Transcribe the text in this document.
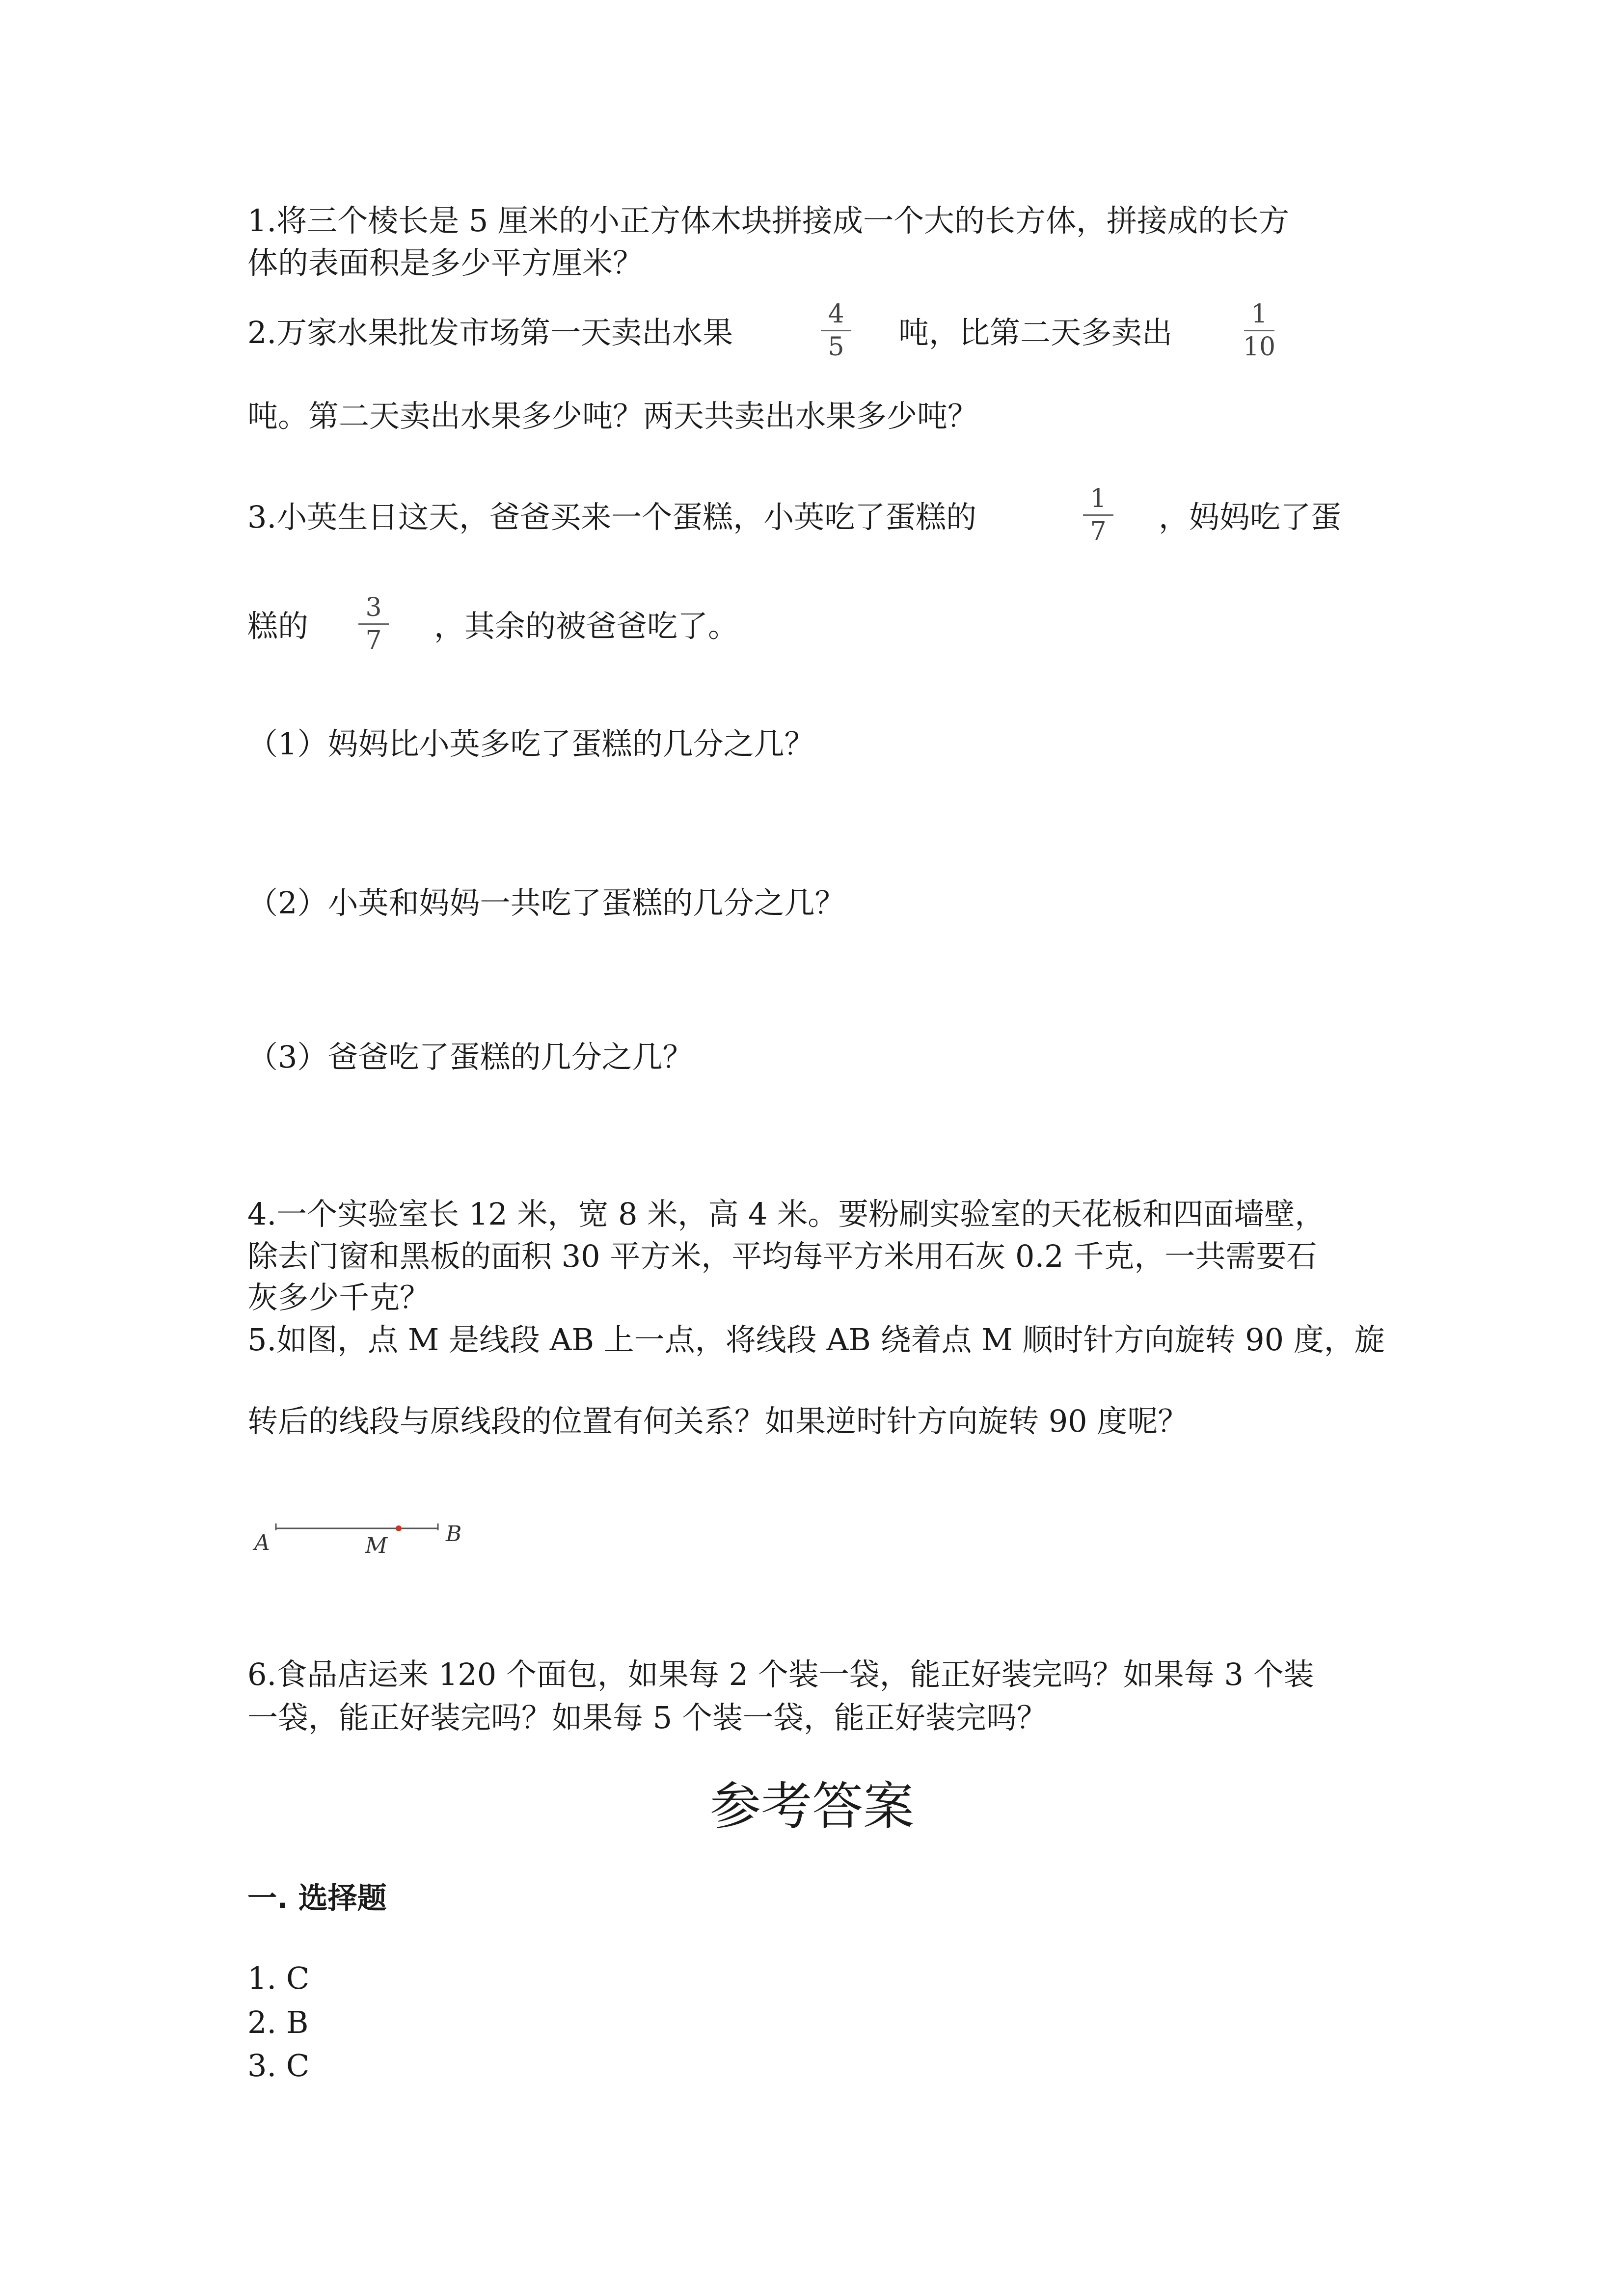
1.将三个棱长是 5 厘米的小正方体木块拼接成一个大的长方体，拼接成的长方
体的表面积是多少平方厘米？
2.万家水果批发市场第一天卖出水果
4
5	吨，比第二天多卖出
1
10
吨。第二天卖出水果多少吨？两天共卖出水果多少吨？
3.小英生日这天，爸爸买来一个蛋糕，小英吃了蛋糕的
1
7	，妈妈吃了蛋
糕的
3
7	，其余的被爸爸吃了。
（1）妈妈比小英多吃了蛋糕的几分之几？
（2）小英和妈妈一共吃了蛋糕的几分之几？
（3）爸爸吃了蛋糕的几分之几？
4.一个实验室长 12 米，宽 8 米，高 4 米。要粉刷实验室的天花板和四面墙壁，
除去门窗和黑板的面积 30 平方米，平均每平方米用石灰 0.2 千克，一共需要石
灰多少千克？
5.如图，点 M 是线段 AB 上一点，将线段 AB 绕着点 M 顺时针方向旋转 90 度，旋
转后的线段与原线段的位置有何关系？如果逆时针方向旋转 90 度呢？
A	M	B
6.食品店运来 120 个面包，如果每 2 个装一袋，能正好装完吗？如果每 3 个装
一袋，能正好装完吗？如果每 5 个装一袋，能正好装完吗？
参考答案
一. 选择题
1. C
2. B
3. C
